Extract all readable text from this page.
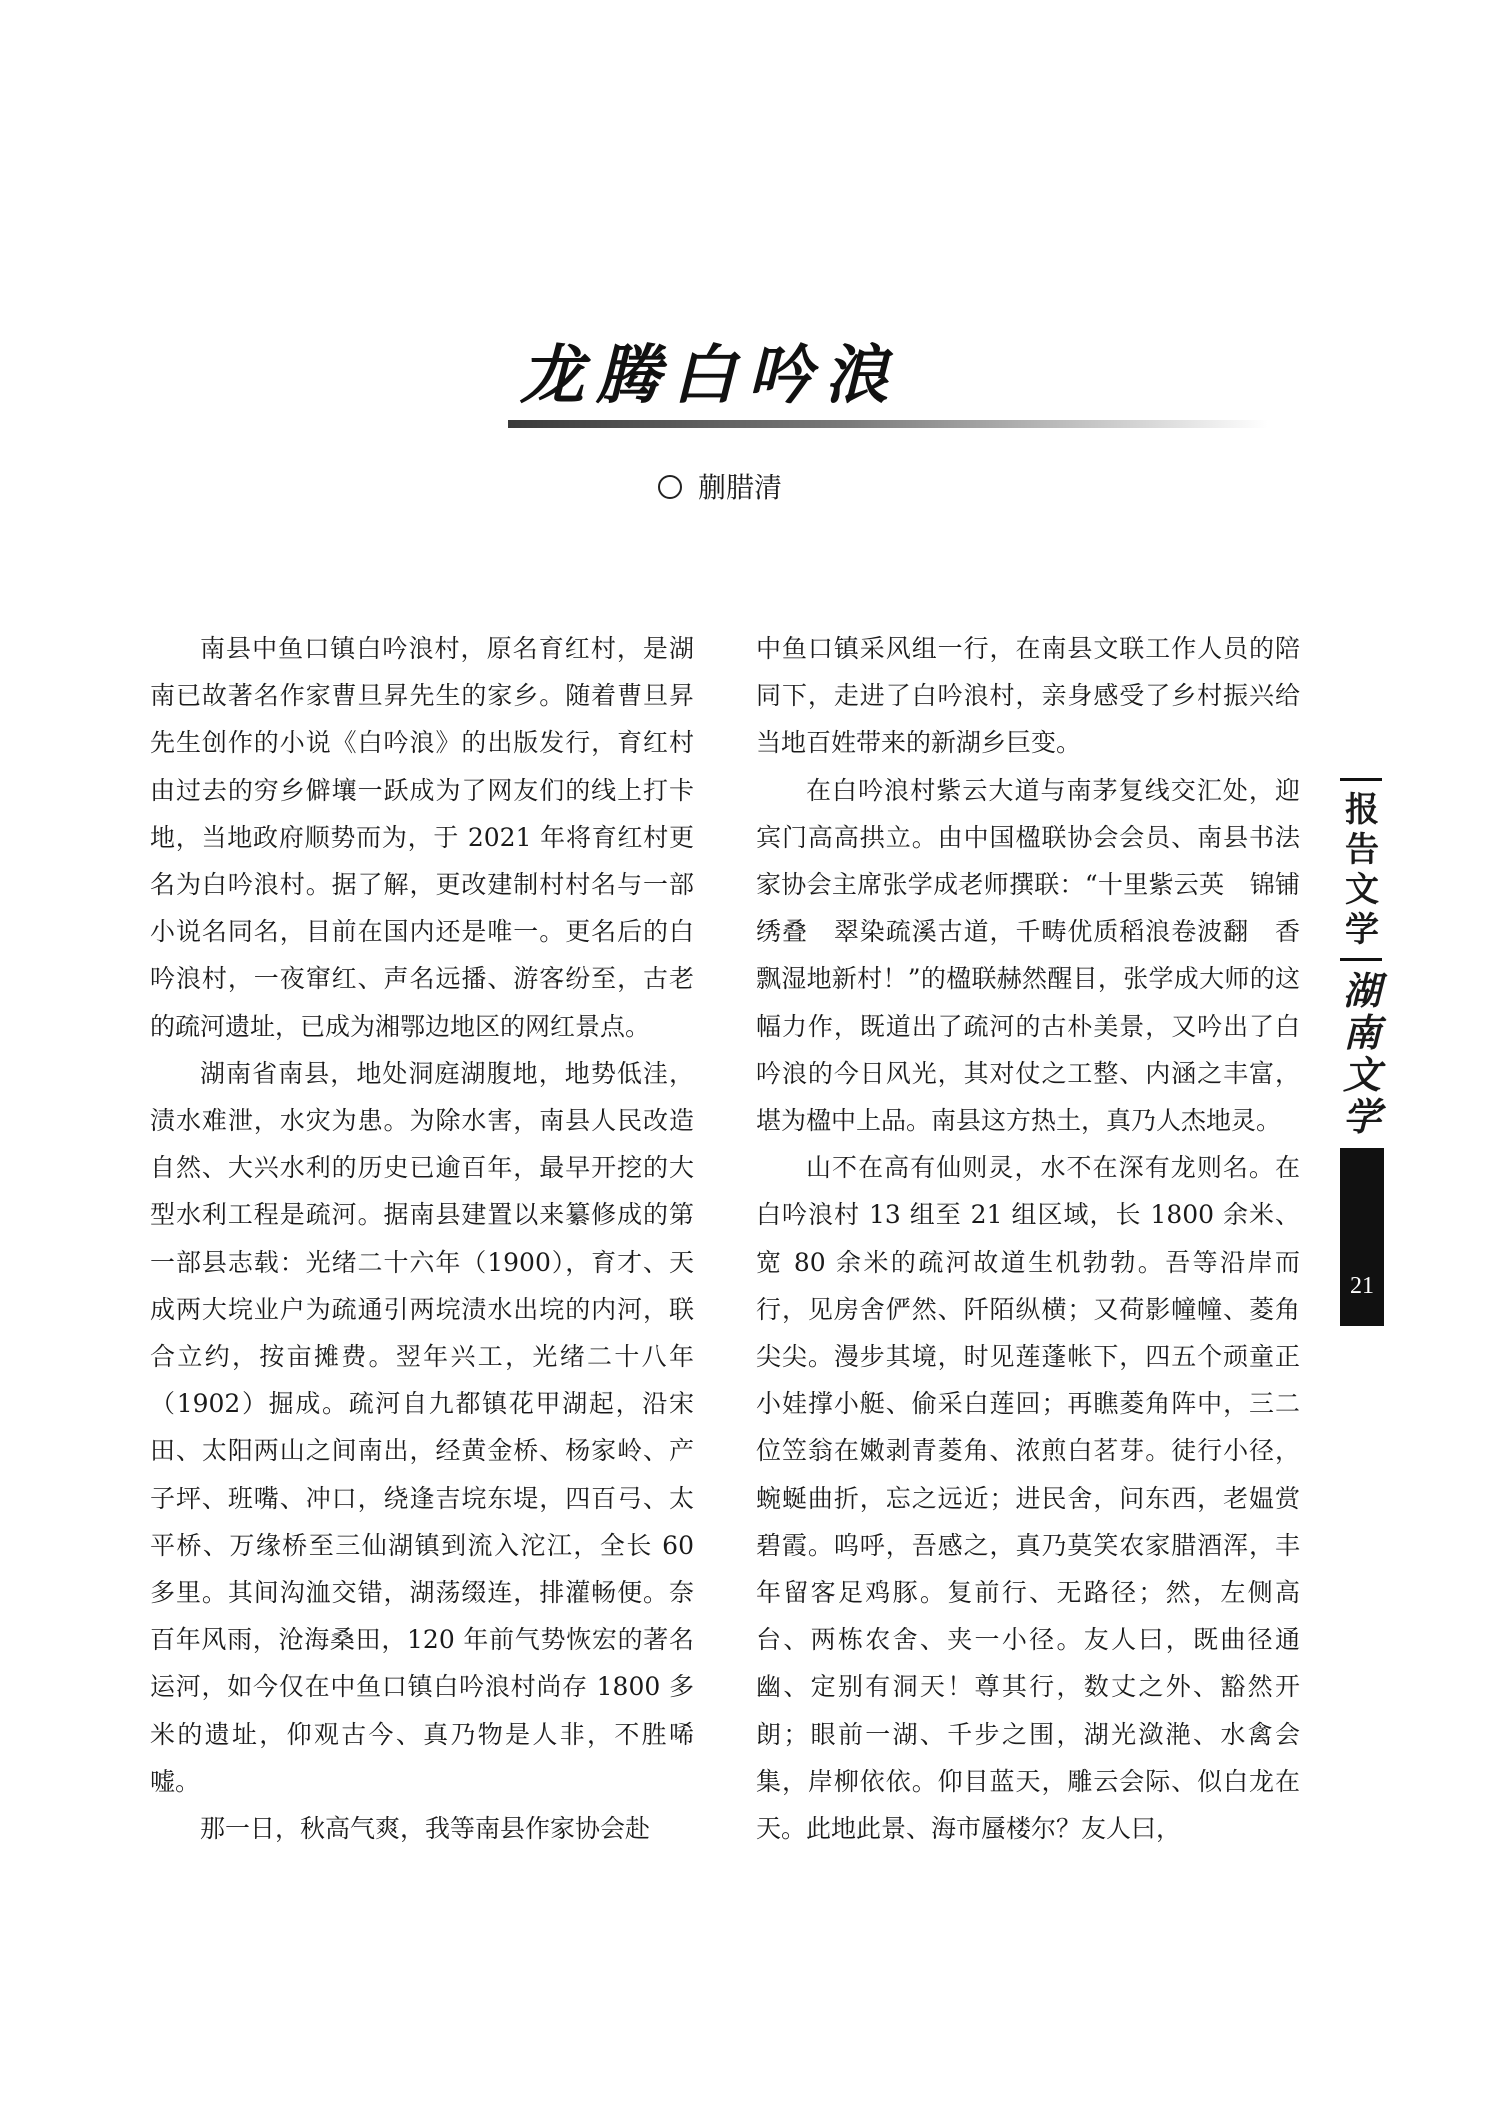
龙腾白吟浪
蒯腊清

南县中鱼口镇白吟浪村，原名育红村，是湖南已故著名作家曹旦昇先生的家乡。随着曹旦昇先生创作的小说《白吟浪》的出版发行，育红村由过去的穷乡僻壤一跃成为了网友们的线上打卡地，当地政府顺势而为，于 2021 年将育红村更名为白吟浪村。据了解，更改建制村村名与一部小说名同名，目前在国内还是唯一。更名后的白吟浪村，一夜窜红、声名远播、游客纷至，古老的疏河遗址，已成为湘鄂边地区的网红景点。

湖南省南县，地处洞庭湖腹地，地势低洼，渍水难泄，水灾为患。为除水害，南县人民改造自然、大兴水利的历史已逾百年，最早开挖的大型水利工程是疏河。据南县建置以来纂修成的第一部县志载：光绪二十六年（1900），育才、天成两大垸业户为疏通引两垸渍水出垸的内河，联合立约，按亩摊费。翌年兴工，光绪二十八年（1902）掘成。疏河自九都镇花甲湖起，沿宋田、太阳两山之间南出，经黄金桥、杨家岭、产子坪、班嘴、冲口，绕逢吉垸东堤，四百弓、太平桥、万缘桥至三仙湖镇到流入沱江，全长 60 多里。其间沟洫交错，湖荡缀连，排灌畅便。奈百年风雨，沧海桑田，120 年前气势恢宏的著名运河，如今仅在中鱼口镇白吟浪村尚存 1800 多米的遗址，仰观古今、真乃物是人非，不胜唏嘘。

那一日，秋高气爽，我等南县作家协会赴

中鱼口镇采风组一行，在南县文联工作人员的陪同下，走进了白吟浪村，亲身感受了乡村振兴给当地百姓带来的新湖乡巨变。

在白吟浪村紫云大道与南茅复线交汇处，迎宾门高高拱立。由中国楹联协会会员、南县书法家协会主席张学成老师撰联：“十里紫云英　锦铺绣叠　翠染疏溪古道，千畴优质稻浪卷波翻　香飘湿地新村！”的楹联赫然醒目，张学成大师的这幅力作，既道出了疏河的古朴美景，又吟出了白吟浪的今日风光，其对仗之工整、内涵之丰富，堪为楹中上品。南县这方热土，真乃人杰地灵。

山不在高有仙则灵，水不在深有龙则名。在白吟浪村 13 组至 21 组区域，长 1800 余米、宽 80 余米的疏河故道生机勃勃。吾等沿岸而行，见房舍俨然、阡陌纵横；又荷影幢幢、菱角尖尖。漫步其境，时见莲蓬帐下，四五个顽童正小娃撑小艇、偷采白莲回；再瞧菱角阵中，三二位笠翁在嫩剥青菱角、浓煎白茗芽。徒行小径，蜿蜒曲折，忘之远近；进民舍，问东西，老媪赏碧霞。呜呼，吾感之，真乃莫笑农家腊酒浑，丰年留客足鸡豚。复前行、无路径；然，左侧高台、两栋农舍、夹一小径。友人曰，既曲径通幽、定别有洞天！尊其行，数丈之外、豁然开朗；眼前一湖、千步之围，湖光潋滟、水禽会集，岸柳依依。仰目蓝天，雕云会际、似白龙在天。此地此景、海市蜃楼尔？友人曰，

报
告
文
学
湖
南
文
学
21
